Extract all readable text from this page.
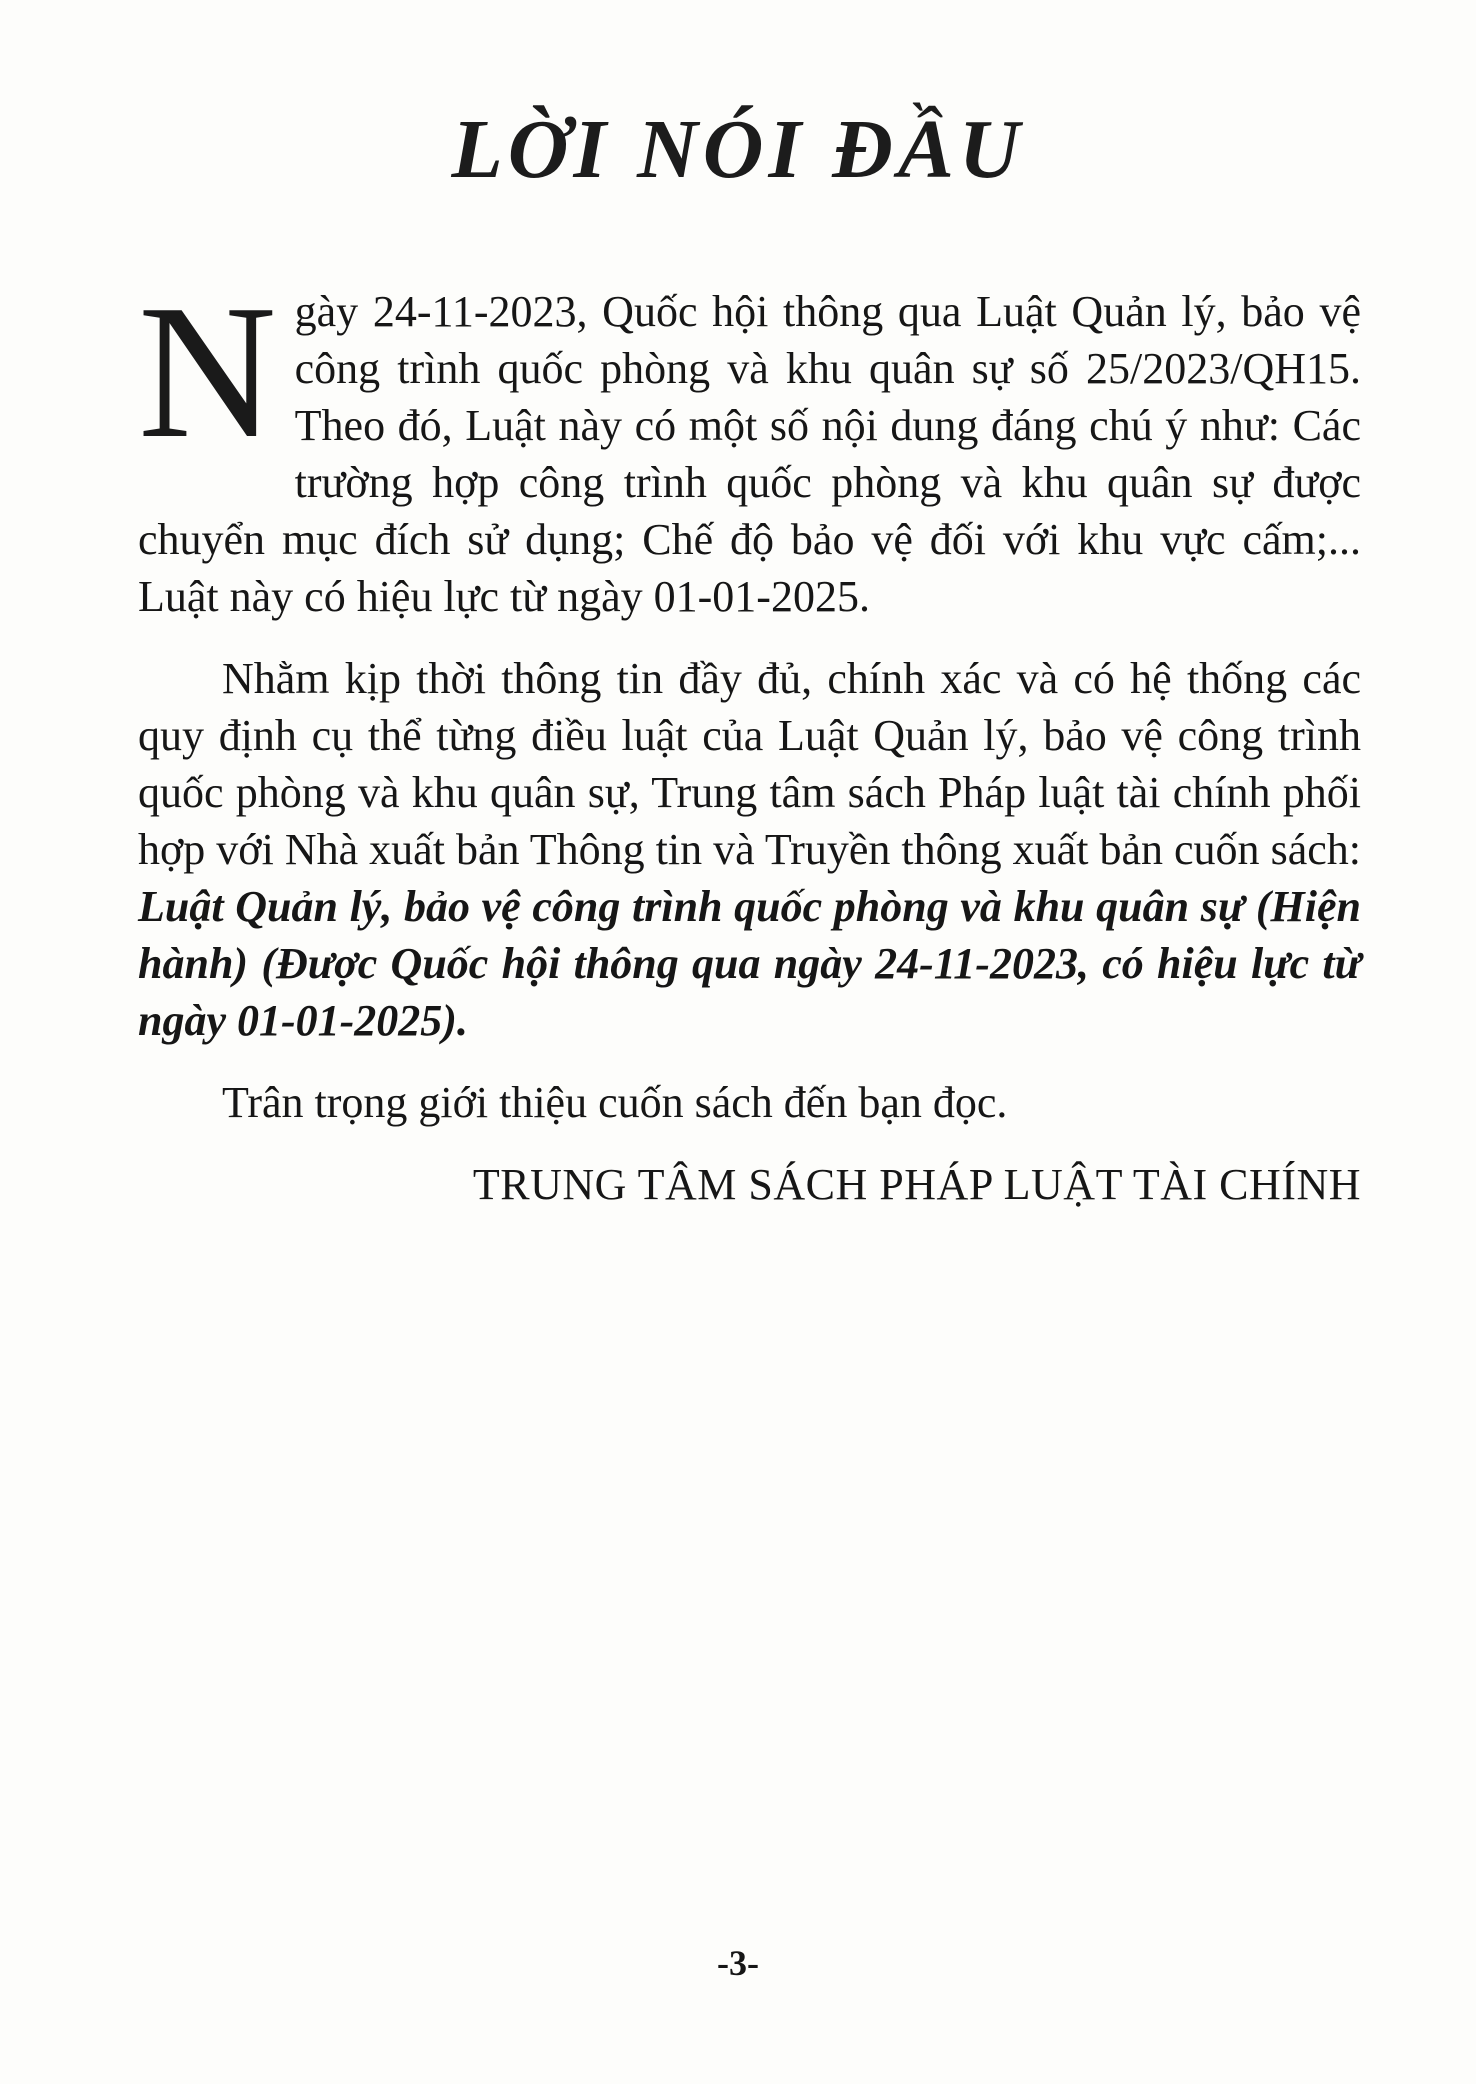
LỜI NÓI ĐẦU

Ngày 24-11-2023, Quốc hội thông qua Luật Quản lý, bảo vệ công trình quốc phòng và khu quân sự số 25/2023/QH15. Theo đó, Luật này có một số nội dung đáng chú ý như: Các trường hợp công trình quốc phòng và khu quân sự được chuyển mục đích sử dụng; Chế độ bảo vệ đối với khu vực cấm;... Luật này có hiệu lực từ ngày 01-01-2025.

Nhằm kịp thời thông tin đầy đủ, chính xác và có hệ thống các quy định cụ thể từng điều luật của Luật Quản lý, bảo vệ công trình quốc phòng và khu quân sự, Trung tâm sách Pháp luật tài chính phối hợp với Nhà xuất bản Thông tin và Truyền thông xuất bản cuốn sách: Luật Quản lý, bảo vệ công trình quốc phòng và khu quân sự (Hiện hành) (Được Quốc hội thông qua ngày 24-11-2023, có hiệu lực từ ngày 01-01-2025).

Trân trọng giới thiệu cuốn sách đến bạn đọc.

TRUNG TÂM SÁCH PHÁP LUẬT TÀI CHÍNH

-3-
